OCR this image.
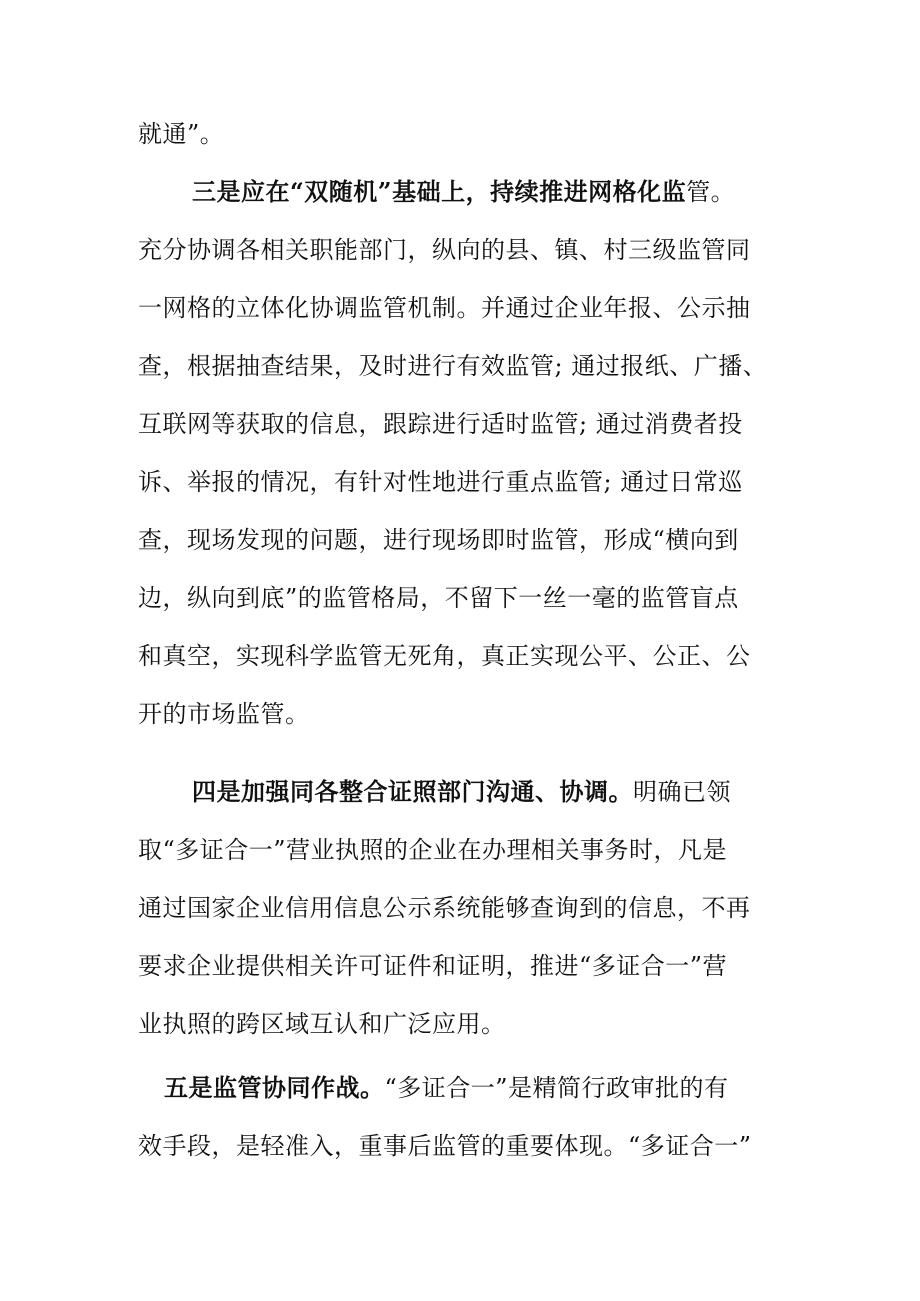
就通”。
三是应在“双随机”基础上，持续推进网格化监管。
充分协调各相关职能部门，纵向的县、镇、村三级监管同
一网格的立体化协调监管机制。并通过企业年报、公示抽
查，根据抽查结果，及时进行有效监管; 通过报纸、广播、
互联网等获取的信息，跟踪进行适时监管; 通过消费者投
诉、举报的情况，有针对性地进行重点监管; 通过日常巡
查，现场发现的问题，进行现场即时监管，形成“横向到
边，纵向到底”的监管格局，不留下一丝一毫的监管盲点
和真空，实现科学监管无死角，真正实现公平、公正、公
开的市场监管。
四是加强同各整合证照部门沟通、协调。明确已领
取“多证合一”营业执照的企业在办理相关事务时，凡是
通过国家企业信用信息公示系统能够查询到的信息，不再
要求企业提供相关许可证件和证明，推进“多证合一”营
业执照的跨区域互认和广泛应用。
五是监管协同作战。“多证合一”是精简行政审批的有
效手段，是轻准入，重事后监管的重要体现。“多证合一”
